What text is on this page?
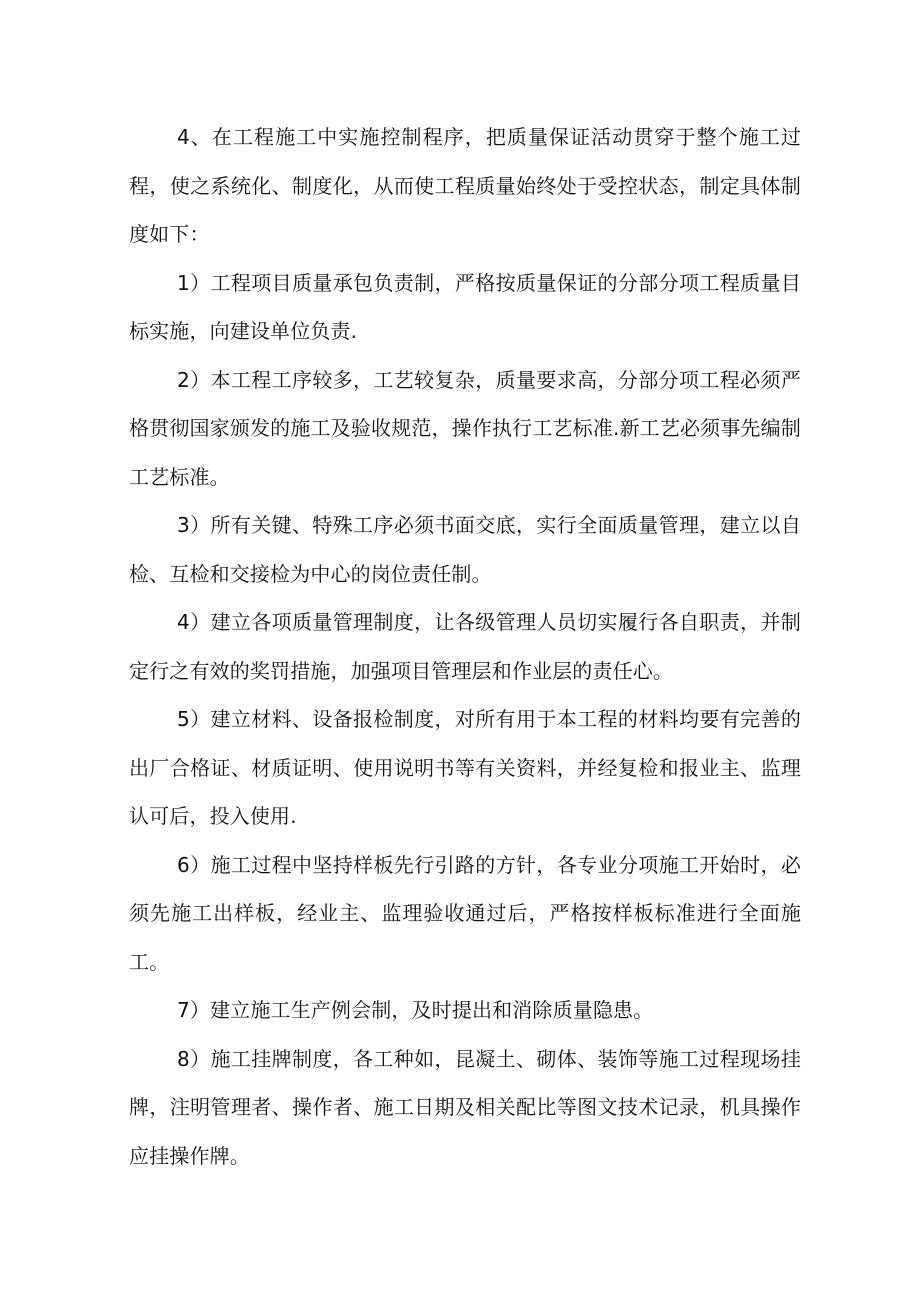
4、在工程施工中实施控制程序，把质量保证活动贯穿于整个施工过程，使之系统化、制度化，从而使工程质量始终处于受控状态，制定具体制度如下：

1）工程项目质量承包负责制，严格按质量保证的分部分项工程质量目标实施，向建设单位负责.

2）本工程工序较多，工艺较复杂，质量要求高，分部分项工程必须严格贯彻国家颁发的施工及验收规范，操作执行工艺标准.新工艺必须事先编制工艺标准。

3）所有关键、特殊工序必须书面交底，实行全面质量管理，建立以自检、互检和交接检为中心的岗位责任制。

4）建立各项质量管理制度，让各级管理人员切实履行各自职责，并制定行之有效的奖罚措施，加强项目管理层和作业层的责任心。

5）建立材料、设备报检制度，对所有用于本工程的材料均要有完善的出厂合格证、材质证明、使用说明书等有关资料，并经复检和报业主、监理认可后，投入使用.

6）施工过程中坚持样板先行引路的方针，各专业分项施工开始时，必须先施工出样板，经业主、监理验收通过后，严格按样板标准进行全面施工。

7）建立施工生产例会制，及时提出和消除质量隐患。

8）施工挂牌制度，各工种如，昆凝土、砌体、装饰等施工过程现场挂牌，注明管理者、操作者、施工日期及相关配比等图文技术记录，机具操作应挂操作牌。
